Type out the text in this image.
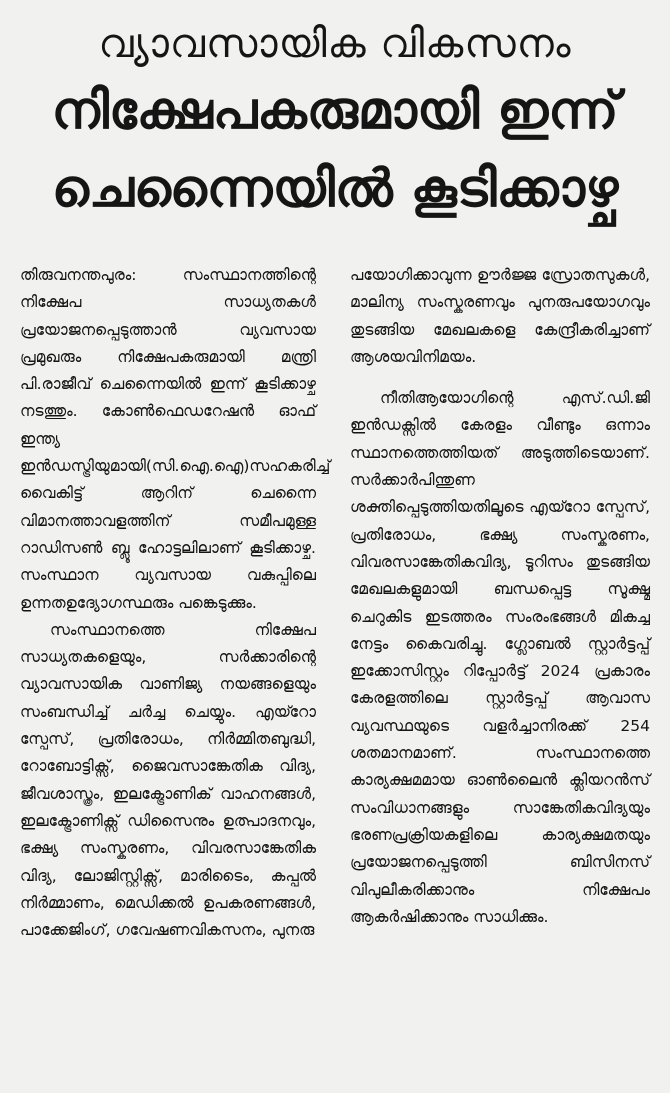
വ്യാവസായിക വികസനം
നിക്ഷേപകരുമായി ഇന്ന്
ചെന്നൈയിൽ കൂടിക്കാഴ്ച

തിരുവനന്തപുരം: സംസ്ഥാനത്തിന്റെ നിക്ഷേപ സാധ്യതകൾ പ്രയോജനപ്പെടുത്താൻ വ്യവസായ പ്രമുഖരും നിക്ഷേപകരുമായി മന്ത്രി പി.രാജീവ് ചെന്നൈയിൽ ഇന്ന് കൂടിക്കാഴ്ച നടത്തും. കോൺഫെഡറേഷൻ ഓഫ് ഇന്ത്യ ഇൻഡസ്ട്രിയുമായി(സി.ഐ.ഐ)സഹകരിച്ച് വൈകിട്ട് ആറിന് ചെന്നൈ വിമാനത്താവളത്തിന് സമീപമുള്ള റാഡിസൺ ബ്ലൂ ഹോട്ടലിലാണ് കൂടിക്കാഴ്ച. സംസ്ഥാന വ്യവസായ വകുപ്പിലെ ഉന്നതഉദ്യോഗസ്ഥരും പങ്കെടുക്കും.

സംസ്ഥാനത്തെ നിക്ഷേപ സാധ്യതകളെയും, സർക്കാരിന്റെ വ്യാവസായിക വാണിജ്യ നയങ്ങളെയും സംബന്ധിച്ച് ചർച്ച ചെയ്യും. എയ്റോ സ്പേസ്, പ്രതിരോധം, നിർമ്മിതബുദ്ധി, റോബോട്ടിക്സ്, ജൈവസാങ്കേതിക വിദ്യ, ജീവശാസ്ത്രം, ഇലക്ട്രോണിക് വാഹനങ്ങൾ, ഇലക്ട്രോണിക്സ് ഡിസൈനും ഉത്പാദനവും, ഭക്ഷ്യ സംസ്കരണം, വിവരസാങ്കേതിക വിദ്യ, ലോജിസ്റ്റിക്സ്, മാരിടൈം, കപ്പൽ നിർമ്മാണം, മെഡിക്കൽ ഉപകരണങ്ങൾ, പാക്കേജിംഗ്, ഗവേഷണവികസനം, പുനരു

പയോഗിക്കാവുന്ന ഊർജ്ജ സ്രോതസുകൾ, മാലിന്യ സംസ്കരണവും പുനരുപയോഗവും തുടങ്ങിയ മേഖലകളെ കേന്ദ്രീകരിച്ചാണ് ആശയവിനിമയം.

നീതിആയോഗിന്റെ എസ്.ഡി.ജി ഇൻഡക്സിൽ കേരളം വീണ്ടും ഒന്നാം സ്ഥാനത്തെത്തിയത് അടുത്തിടെയാണ്. സർക്കാർപിന്തുണ ശക്തിപ്പെടുത്തിയതിലൂടെ എയ്റോ സ്പേസ്, പ്രതിരോധം, ഭക്ഷ്യ സംസ്കരണം, വിവരസാങ്കേതികവിദ്യ, ടൂറിസം തുടങ്ങിയ മേഖലകളുമായി ബന്ധപ്പെട്ട സൂക്ഷ്മ ചെറുകിട ഇടത്തരം സംരംഭങ്ങൾ മികച്ച നേട്ടം കൈവരിച്ചു. ഗ്ലോബൽ സ്റ്റാർട്ടപ്പ് ഇക്കോസിസ്റ്റം റിപ്പോർട്ട് 2024 പ്രകാരം കേരളത്തിലെ സ്റ്റാർട്ടപ്പ് ആവാസ വ്യവസ്ഥയുടെ വളർച്ചാനിരക്ക് 254 ശതമാനമാണ്. സംസ്ഥാനത്തെ കാര്യക്ഷമമായ ഓൺലൈൻ ക്ലിയറൻസ് സംവിധാനങ്ങളും സാങ്കേതികവിദ്യയും ഭരണപ്രക്രിയകളിലെ കാര്യക്ഷമതയും പ്രയോജനപ്പെടുത്തി ബിസിനസ് വിപുലീകരിക്കാനും നിക്ഷേപം ആകർഷിക്കാനും സാധിക്കും.
